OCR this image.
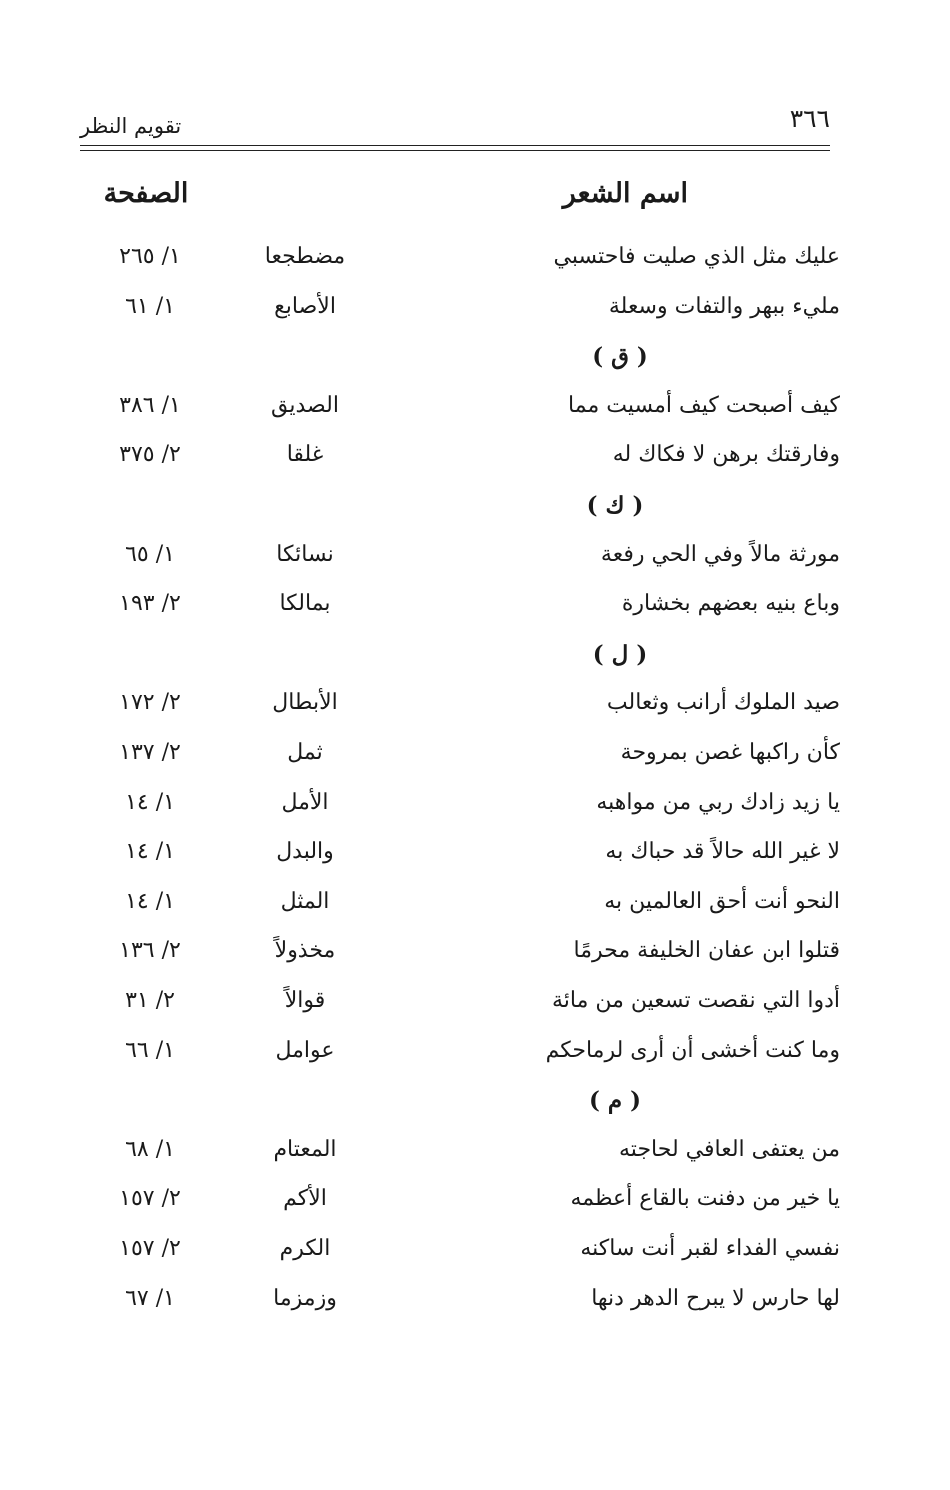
٣٦٦
تقويم النظر
اسم الشعر
الصفحة
عليك مثل الذي صليت فاحتسبي
مضطجعا
١/ ٢٦٥
مليء ببهر والتفات وسعلة
الأصابع
١/ ٦١
( ق )
كيف أصبحت كيف أمسيت مما
الصديق
١/ ٣٨٦
وفارقتك برهن لا فكاك له
غلقا
٢/ ٣٧٥
( ك )
مورثة مالاً وفي الحي رفعة
نسائكا
١/ ٦٥
وباع بنيه بعضهم بخشارة
بمالكا
٢/ ١٩٣
( ل )
صيد الملوك أرانب وثعالب
الأبطال
٢/ ١٧٢
كأن راكبها غصن بمروحة
ثمل
٢/ ١٣٧
يا زيد زادك ربي من مواهبه
الأمل
١/ ١٤
لا غير الله حالاً قد حباك به
والبدل
١/ ١٤
النحو أنت أحق العالمين به
المثل
١/ ١٤
قتلوا ابن عفان الخليفة محرمًا
مخذولاً
٢/ ١٣٦
أدوا التي نقصت تسعين من مائة
قوالاً
٢/ ٣١
وما كنت أخشى أن أرى لرماحكم
عوامل
١/ ٦٦
( م )
من يعتفى العافي لحاجته
المعتام
١/ ٦٨
يا خير من دفنت بالقاع أعظمه
الأكم
٢/ ١٥٧
نفسي الفداء لقبر أنت ساكنه
الكرم
٢/ ١٥٧
لها حارس لا يبرح الدهر دنها
وزمزما
١/ ٦٧
